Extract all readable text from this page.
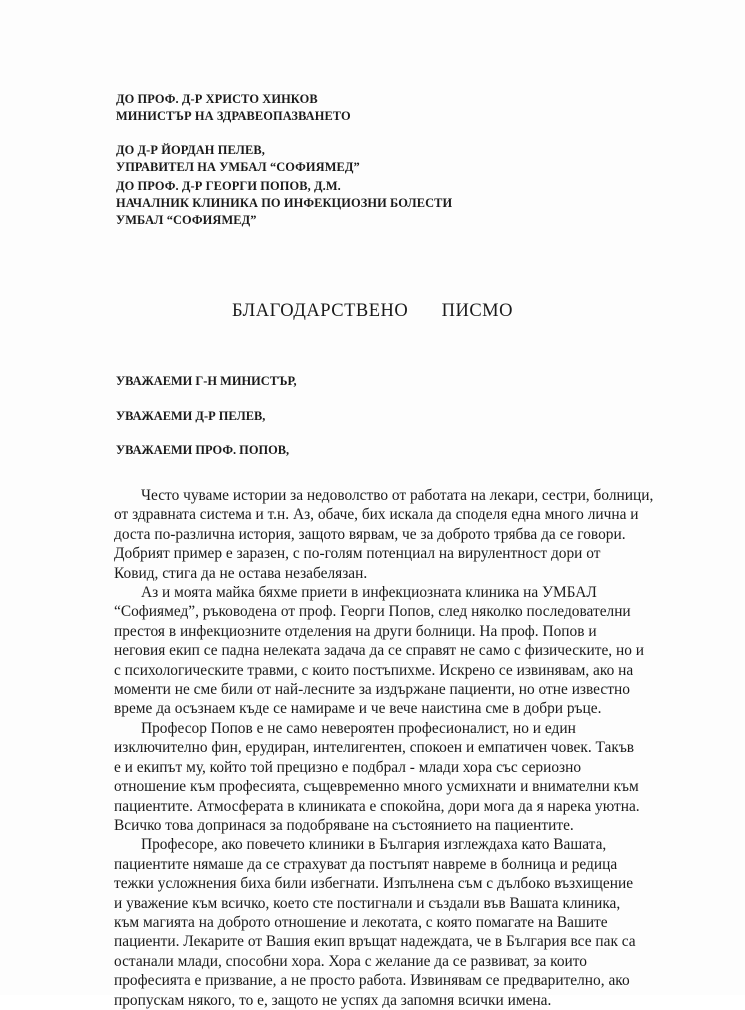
ДО ПРОФ. Д-Р ХРИСТО ХИНКОВ
МИНИСТЪР НА ЗДРАВЕОПАЗВАНЕТО
ДО Д-Р ЙОРДАН ПЕЛЕВ,
УПРАВИТЕЛ НА УМБАЛ “СОФИЯМЕД”
ДО ПРОФ. Д-Р ГЕОРГИ ПОПОВ, Д.М.
НАЧАЛНИК КЛИНИКА ПО ИНФЕКЦИОЗНИ БОЛЕСТИ
УМБАЛ “СОФИЯМЕД”
БЛАГОДАРСТВЕНО   ПИСМО
УВАЖАЕМИ Г-Н МИНИСТЪР,
УВАЖАЕМИ Д-Р ПЕЛЕВ,
УВАЖАЕМИ ПРОФ. ПОПОВ,
Често чуваме истории за недоволство от работата на лекари, сестри, болници,
от здравната система и т.н. Аз, обаче, бих искала да споделя една много лична и
доста по-различна история, защото вярвам, че за доброто трябва да се говори.
Добрият пример е заразен, с по-голям потенциал на вирулентност дори от
Ковид, стига да не остава незабелязан.
Аз и моята майка бяхме приети в инфекциозната клиника на УМБАЛ
“Софиямед”, ръководена от проф. Георги Попов, след няколко последователни
престоя в инфекциозните отделения на други болници. На проф. Попов и
неговия екип се падна нелеката задача да се справят не само с физическите, но и
с психологическите травми, с които постъпихме. Искрено се извинявам, ако на
моменти не сме били от най-лесните за издържане пациенти, но отне известно
време да осъзнаем къде се намираме и че вече наистина сме в добри ръце.
Професор Попов е не само невероятен професионалист, но и един
изключително фин, ерудиран, интелигентен, спокоен и емпатичен човек. Такъв
е и екипът му, който той прецизно е подбрал - млади хора със сериозно
отношение към професията, същевременно много усмихнати и внимателни към
пациентите. Атмосферата в клиниката е спокойна, дори мога да я нарека уютна.
Всичко това допринася за подобряване на състоянието на пациентите.
Професоре, ако повечето клиники в България изглеждаха като Вашата,
пациентите нямаше да се страхуват да постъпят навреме в болница и редица
тежки усложнения биха били избегнати. Изпълнена съм с дълбоко възхищение
и уважение към всичко, което сте постигнали и създали във Вашата клиника,
към магията на доброто отношение и лекотата, с която помагате на Вашите
пациенти. Лекарите от Вашия екип връщат надеждата, че в България все пак са
останали млади, способни хора. Хора с желание да се развиват, за които
професията е призвание, а не просто работа. Извинявам се предварително, ако
пропускам някого, то е, защото не успях да запомня всички имена.
